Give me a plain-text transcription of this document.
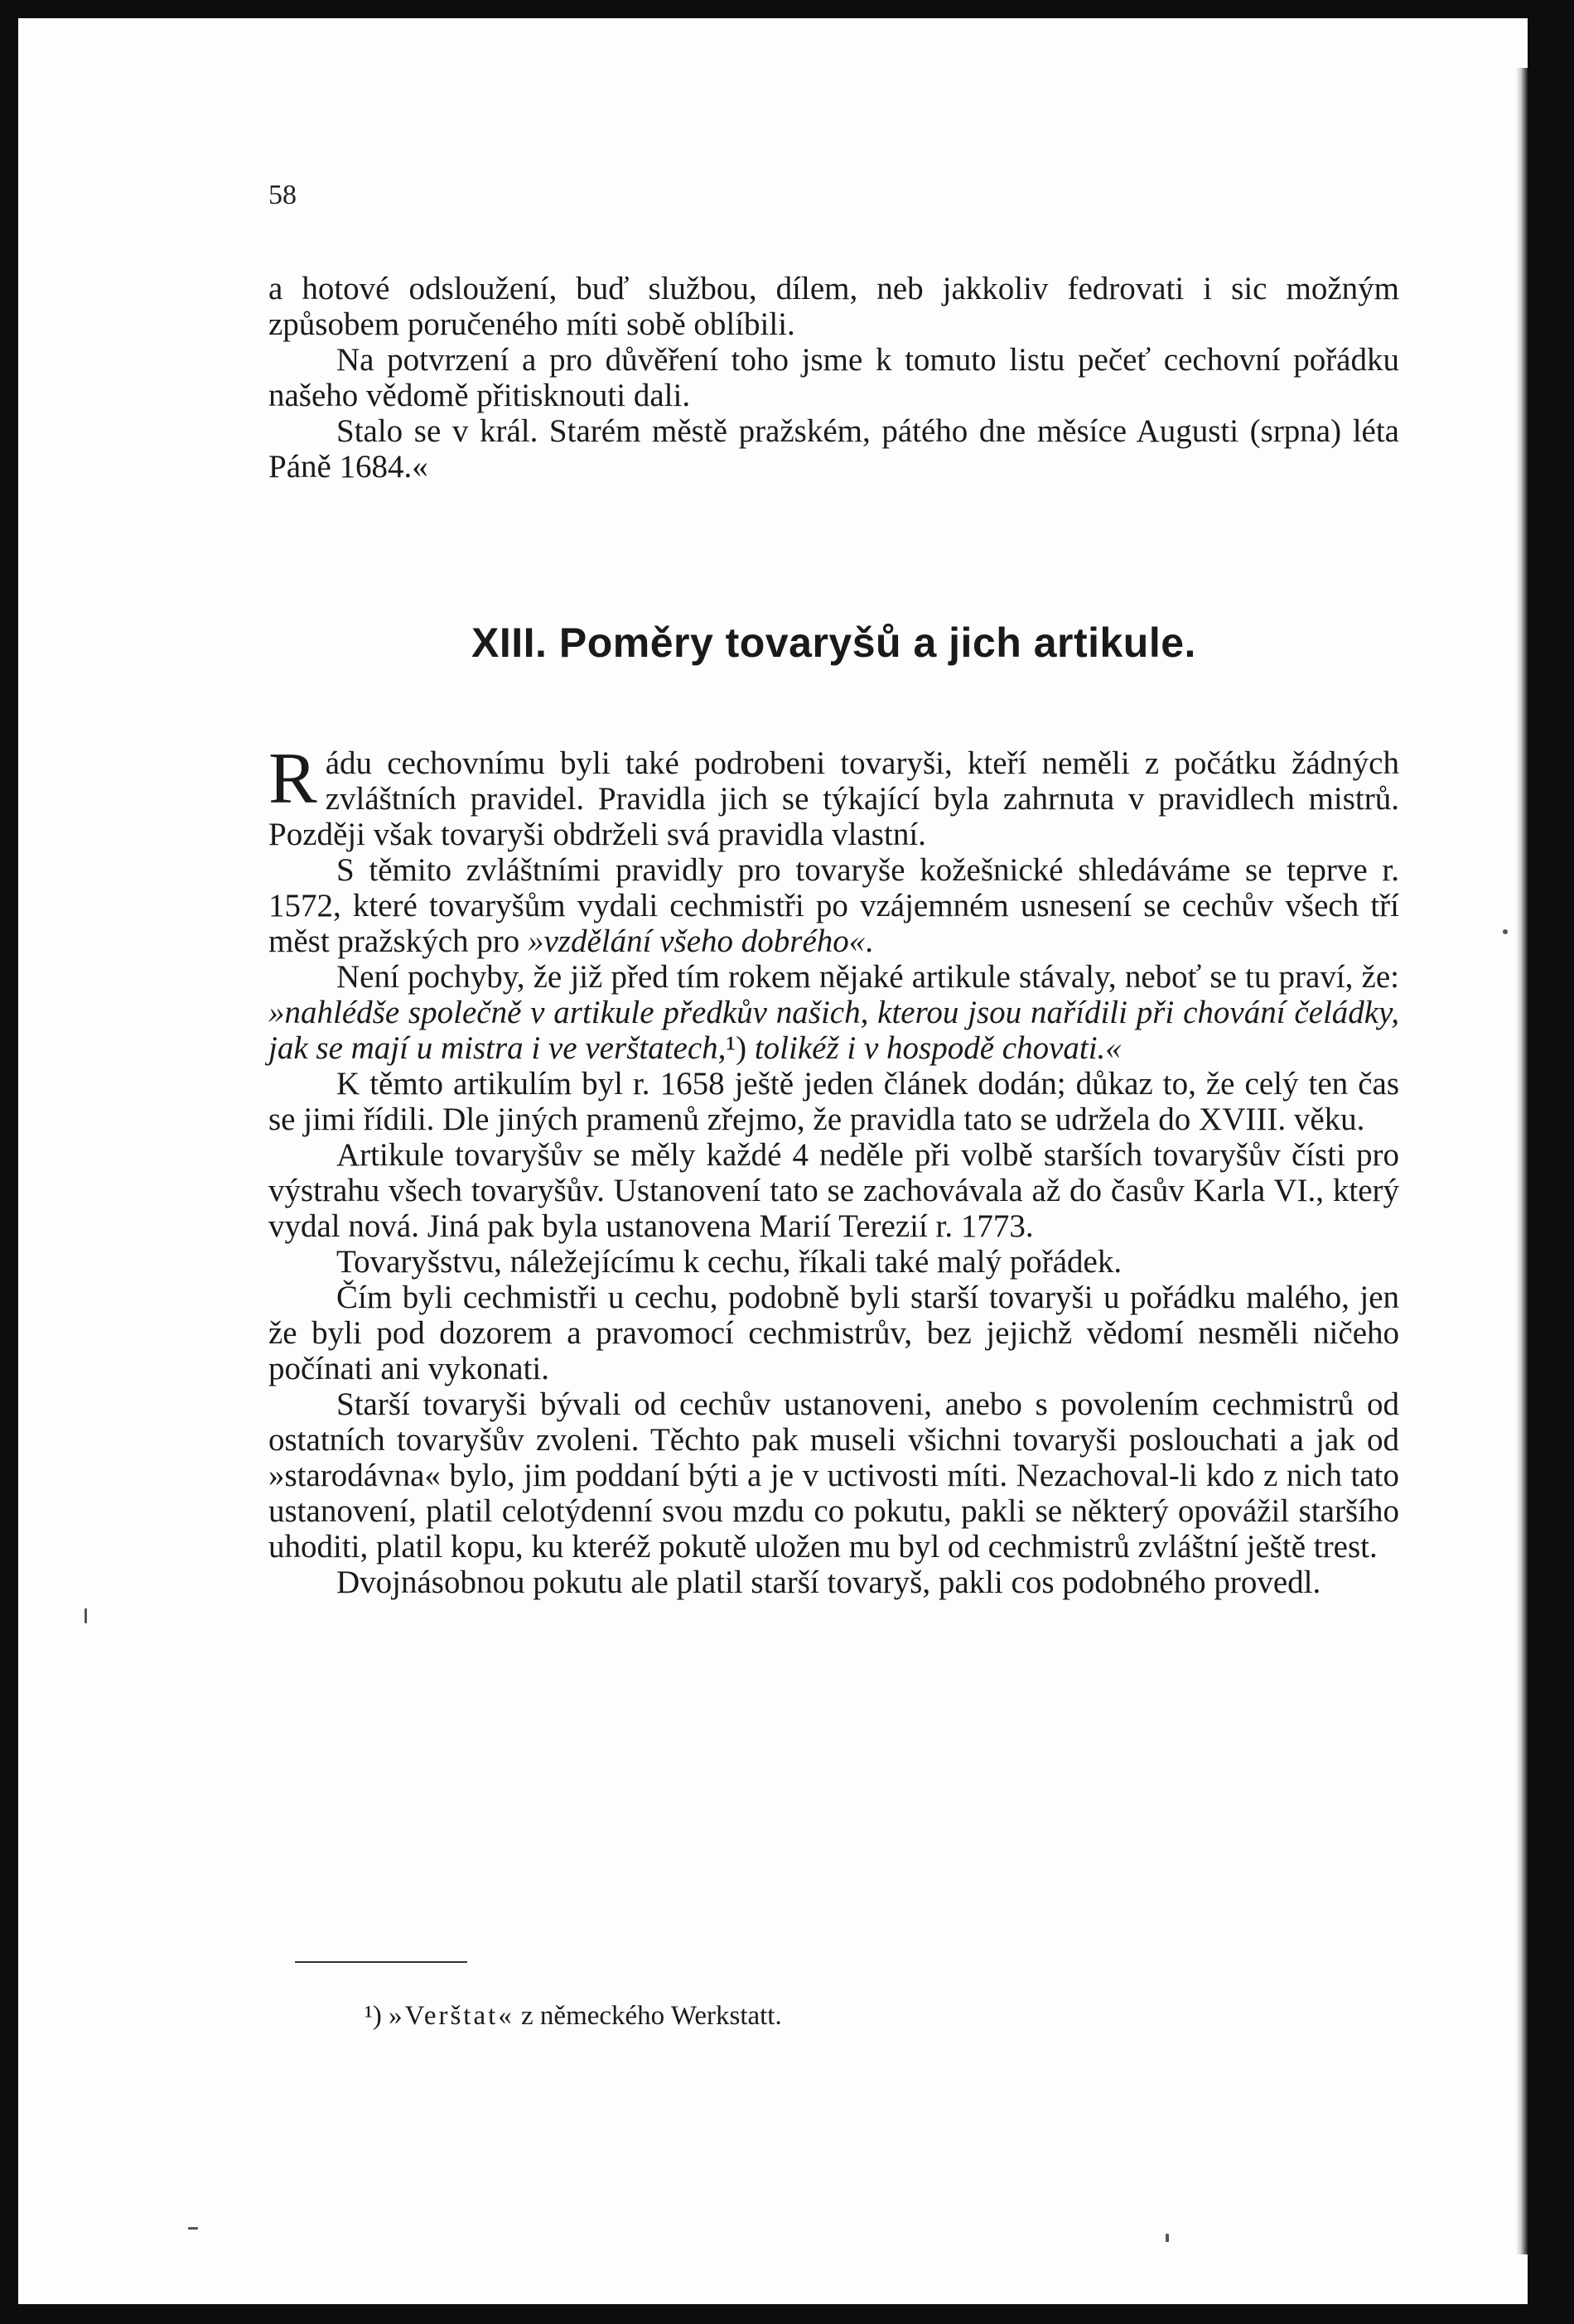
58

a hotové odsloužení, buď službou, dílem, neb jakkoliv fedrovati i sic možným způsobem poručeného míti sobě oblíbili.

Na potvrzení a pro důvěření toho jsme k tomuto listu pečeť cechovní pořádku našeho vědomě přitisknouti dali.

Stalo se v král. Starém městě pražském, pátého dne měsíce Augusti (srpna) léta Páně 1684.«

XIII. Poměry tovaryšů a jich artikule.

Rádu cechovnímu byli také podrobeni tovaryši, kteří neměli z počátku žádných zvláštních pravidel. Pravidla jich se týkající byla zahrnuta v pravidlech mistrů. Později však tovaryši obdrželi svá pravidla vlastní.

S těmito zvláštními pravidly pro tovaryše kožešnické shledáváme se teprve r. 1572, které tovaryšům vydali cechmistři po vzájemném usnesení se cechův všech tří měst pražských pro »vzdělání všeho dobrého«.

Není pochyby, že již před tím rokem nějaké artikule stávaly, neboť se tu praví, že: »nahlédše společně v artikule předkův našich, kterou jsou nařídili při chování čeládky, jak se mají u mistra i ve verštatech,¹) tolikéž i v hospodě chovati.«

K těmto artikulím byl r. 1658 ještě jeden článek dodán; důkaz to, že celý ten čas se jimi řídili. Dle jiných pramenů zřejmo, že pravidla tato se udržela do XVIII. věku.

Artikule tovaryšův se měly každé 4 neděle při volbě starších tovaryšův čísti pro výstrahu všech tovaryšův. Ustanovení tato se zachovávala až do časův Karla VI., který vydal nová. Jiná pak byla ustanovena Marií Terezií r. 1773.

Tovaryšstvu, náležejícímu k cechu, říkali také malý pořádek.

Čím byli cechmistři u cechu, podobně byli starší tovaryši u pořádku malého, jen že byli pod dozorem a pravomocí cechmistrův, bez jejichž vědomí nesměli ničeho počínati ani vykonati.

Starší tovaryši bývali od cechův ustanoveni, anebo s povolením cechmistrů od ostatních tovaryšův zvoleni. Těchto pak museli všichni tovaryši poslouchati a jak od »starodávna« bylo, jim poddaní býti a je v uctivosti míti. Nezachoval-li kdo z nich tato ustanovení, platil celotýdenní svou mzdu co pokutu, pakli se některý opovážil staršího uhoditi, platil kopu, ku kteréž pokutě uložen mu byl od cechmistrů zvláštní ještě trest.

Dvojnásobnou pokutu ale platil starší tovaryš, pakli cos podobného provedl.

¹) »Verštat« z německého Werkstatt.
